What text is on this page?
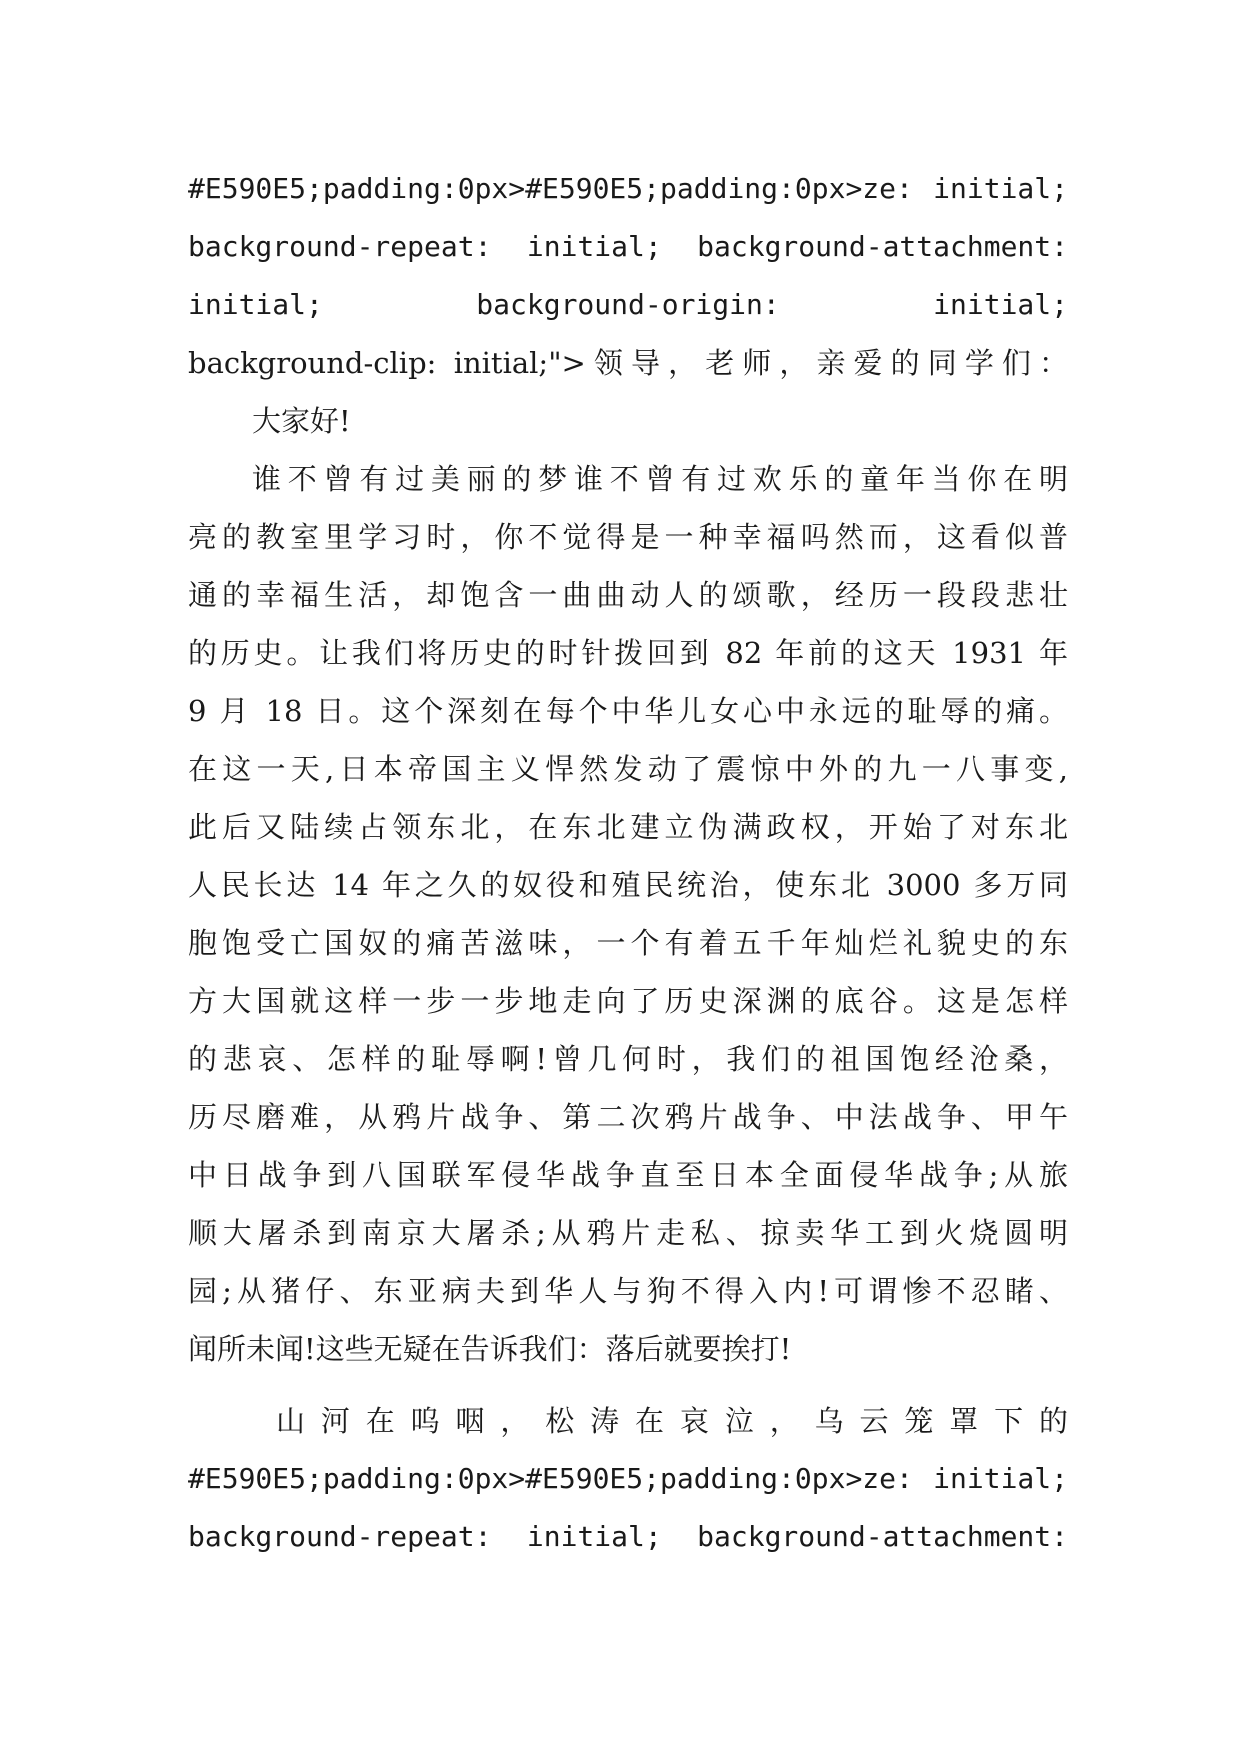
#E590E5;padding:0px>#E590E5;padding:0px>ze: initial;
background-repeat: initial; background-attachment:
initial; background-origin: initial;
background-clip: initial;">领导，老师，亲爱的同学们：
大家好!
谁不曾有过美丽的梦谁不曾有过欢乐的童年当你在明
亮的教室里学习时，你不觉得是一种幸福吗然而，这看似普
通的幸福生活，却饱含一曲曲动人的颂歌，经历一段段悲壮
的历史。让我们将历史的时针拨回到 82 年前的这天 1931 年
9 月 18 日。这个深刻在每个中华儿女心中永远的耻辱的痛。
在这一天,日本帝国主义悍然发动了震惊中外的九一八事变,
此后又陆续占领东北，在东北建立伪满政权，开始了对东北
人民长达 14 年之久的奴役和殖民统治，使东北 3000 多万同
胞饱受亡国奴的痛苦滋味，一个有着五千年灿烂礼貌史的东
方大国就这样一步一步地走向了历史深渊的底谷。这是怎样
的悲哀、怎样的耻辱啊!曾几何时，我们的祖国饱经沧桑，
历尽磨难，从鸦片战争、第二次鸦片战争、中法战争、甲午
中日战争到八国联军侵华战争直至日本全面侵华战争;从旅
顺大屠杀到南京大屠杀;从鸦片走私、掠卖华工到火烧圆明
园;从猪仔、东亚病夫到华人与狗不得入内!可谓惨不忍睹、
闻所未闻!这些无疑在告诉我们：落后就要挨打!
山 河 在 呜 咽 ， 松 涛 在 哀 泣 ， 乌 云 笼 罩 下 的
#E590E5;padding:0px>#E590E5;padding:0px>ze: initial;
background-repeat: initial; background-attachment:
